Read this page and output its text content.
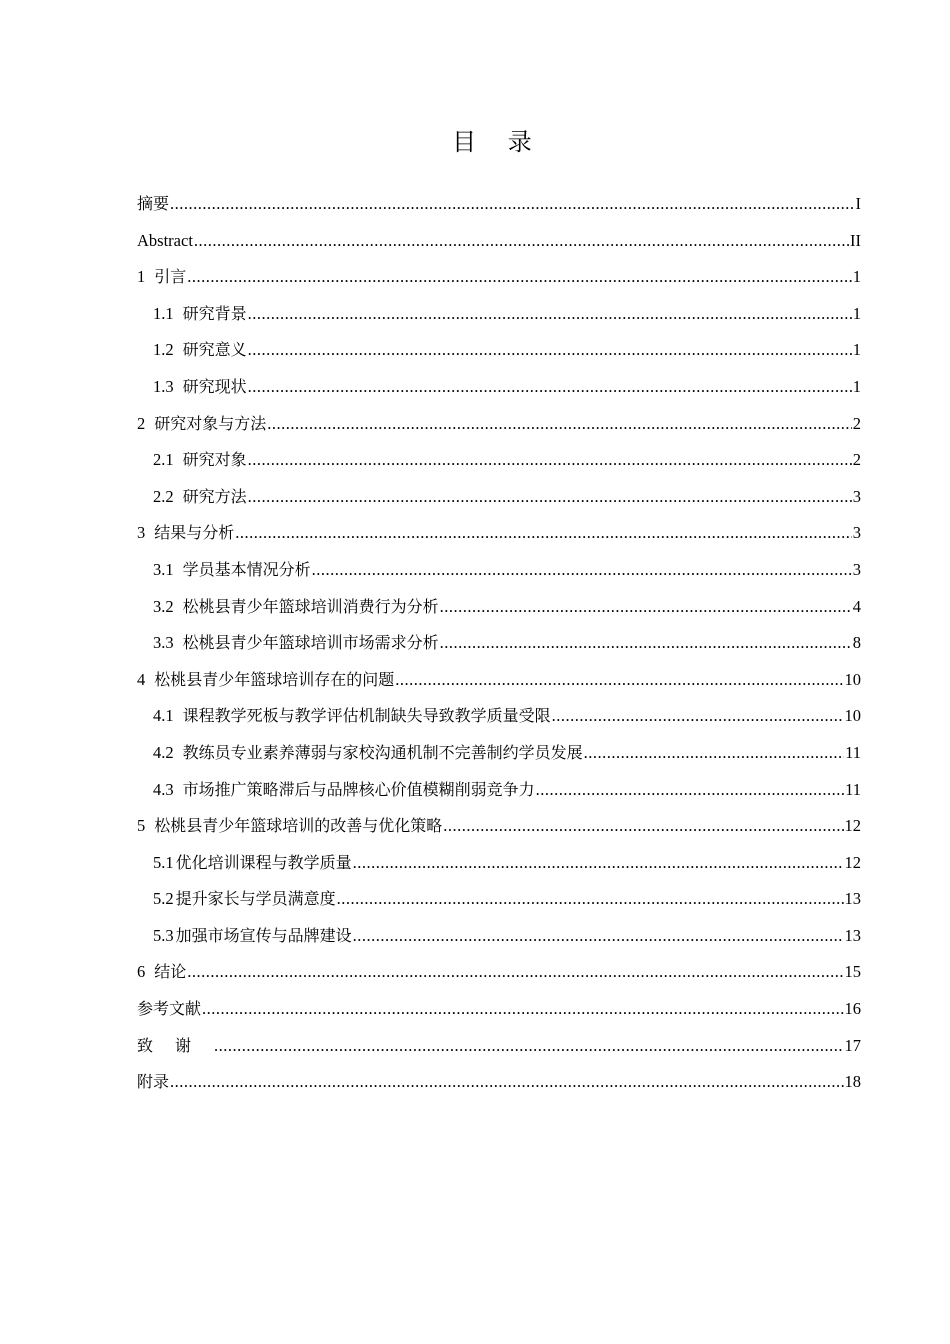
目 录
摘要 .....	I
Abstract .....	II
1 引言 .....	1
1.1 研究背景 .....	1
1.2 研究意义 .....	1
1.3 研究现状 .....	1
2 研究对象与方法 .....	2
2.1 研究对象 .....	2
2.2 研究方法 .....	3
3 结果与分析 .....	3
3.1 学员基本情况分析 .....	3
3.2 松桃县青少年篮球培训消费行为分析 .....	4
3.3 松桃县青少年篮球培训市场需求分析 .....	8
4 松桃县青少年篮球培训存在的问题 .....	10
4.1 课程教学死板与教学评估机制缺失导致教学质量受限 .....	10
4.2 教练员专业素养薄弱与家校沟通机制不完善制约学员发展 .....	11
4.3 市场推广策略滞后与品牌核心价值模糊削弱竞争力 .....	11
5 松桃县青少年篮球培训的改善与优化策略 .....	12
5.1 优化培训课程与教学质量 .....	12
5.2 提升家长与学员满意度 .....	13
5.3 加强市场宣传与品牌建设 .....	13
6 结论 .....	15
参考文献 .....	16
致谢 .....	17
附录 .....	18
